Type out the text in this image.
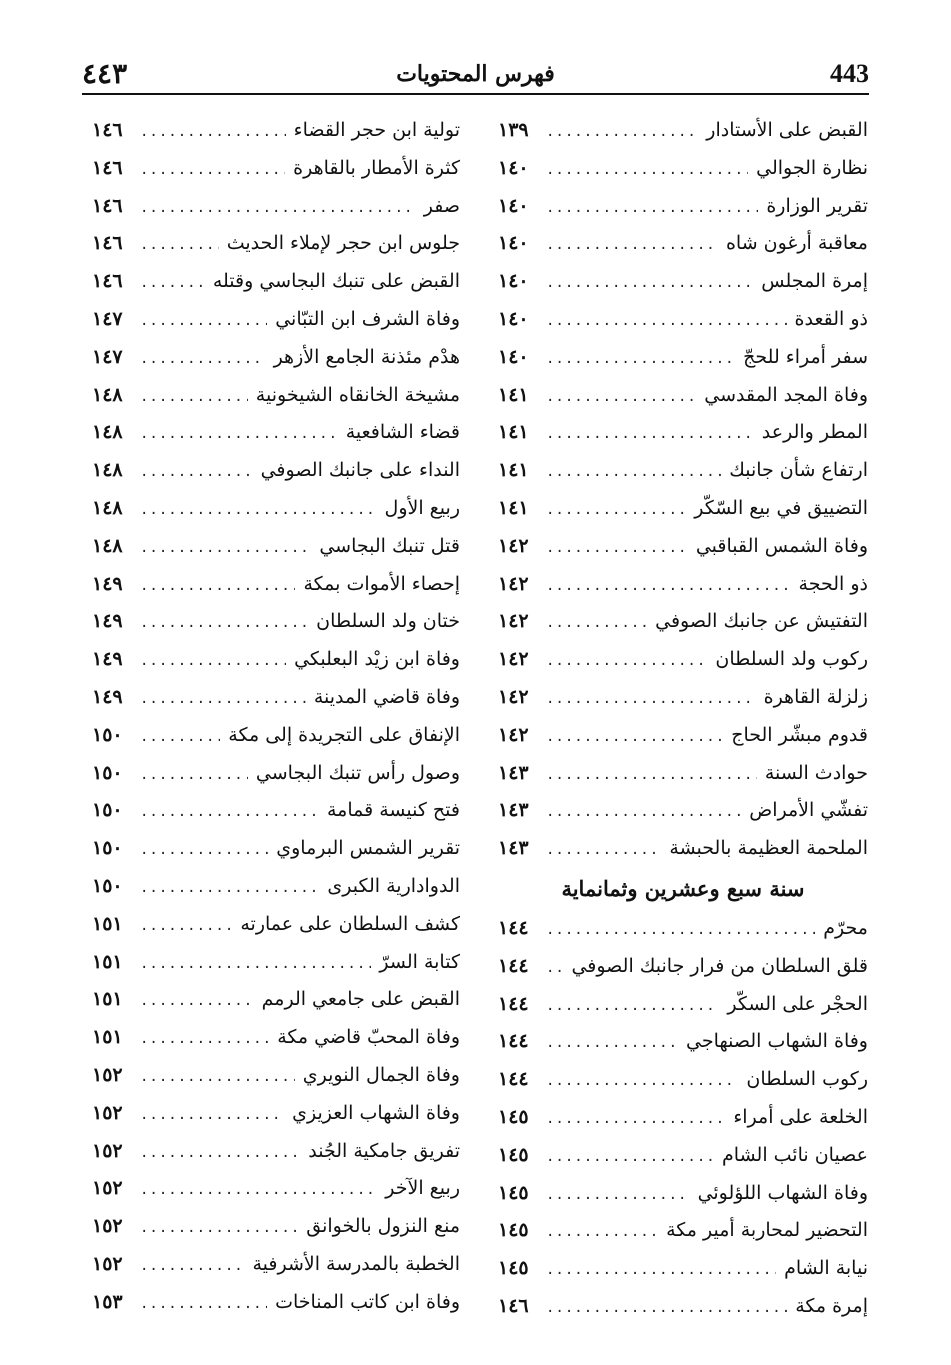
443
فهرس المحتويات
٤٤٣
القبض على الأستادار
.....
١٣٩
نظارة الجوالي
.....
١٤٠
تقرير الوزارة
.....
١٤٠
معاقبة أرغون شاه
.....
١٤٠
إمرة المجلس
.....
١٤٠
ذو القعدة
.....
١٤٠
سفر أمراء للحجّ
.....
١٤٠
وفاة المجد المقدسي
.....
١٤١
المطر والرعد
.....
١٤١
ارتفاع شأن جانبك
.....
١٤١
التضييق في بيع السّكّر
.....
١٤١
وفاة الشمس القباقبي
.....
١٤٢
ذو الحجة
.....
١٤٢
التفتيش عن جانبك الصوفي
.....
١٤٢
ركوب ولد السلطان
.....
١٤٢
زلزلة القاهرة
.....
١٤٢
قدوم مبشّر الحاج
.....
١٤٢
حوادث السنة
.....
١٤٣
تفشّي الأمراض
.....
١٤٣
الملحمة العظيمة بالحبشة
.....
١٤٣
سنة سبع وعشرين وثمانماية
محرّم
.....
١٤٤
قلق السلطان من فرار جانبك الصوفي
.....
١٤٤
الحجْر على السكّر
.....
١٤٤
وفاة الشهاب الصنهاجي
.....
١٤٤
ركوب السلطان
.....
١٤٤
الخلعة على أمراء
.....
١٤٥
عصيان نائب الشام
.....
١٤٥
وفاة الشهاب اللؤلوئي
.....
١٤٥
التحضير لمحاربة أمير مكة
.....
١٤٥
نيابة الشام
.....
١٤٥
إمرة مكة
.....
١٤٦
تولية ابن حجر القضاء
.....
١٤٦
كثرة الأمطار بالقاهرة
.....
١٤٦
صفر
.....
١٤٦
جلوس ابن حجر لإملاء الحديث
.....
١٤٦
القبض على تنبك البجاسي وقتله
.....
١٤٦
وفاة الشرف ابن التبّاني
.....
١٤٧
هدْم مئذنة الجامع الأزهر
.....
١٤٧
مشيخة الخانقاه الشيخونية
.....
١٤٨
قضاء الشافعية
.....
١٤٨
النداء على جانبك الصوفي
.....
١٤٨
ربيع الأول
.....
١٤٨
قتل تنبك البجاسي
.....
١٤٨
إحصاء الأموات بمكة
.....
١٤٩
ختان ولد السلطان
.....
١٤٩
وفاة ابن زيْد البعلبكي
.....
١٤٩
وفاة قاضي المدينة
.....
١٤٩
الإنفاق على التجريدة إلى مكة
.....
١٥٠
وصول رأس تنبك البجاسي
.....
١٥٠
فتح كنيسة قمامة
.....
١٥٠
تقرير الشمس البرماوي
.....
١٥٠
الدوادارية الكبرى
.....
١٥٠
كشف السلطان على عمارته
.....
١٥١
كتابة السرّ
.....
١٥١
القبض على جامعي الرمم
.....
١٥١
وفاة المحبّ قاضي مكة
.....
١٥١
وفاة الجمال النويري
.....
١٥٢
وفاة الشهاب العزيزي
.....
١٥٢
تفريق جامكية الجُند
.....
١٥٢
ربيع الآخر
.....
١٥٢
منع النزول بالخوانق
.....
١٥٢
الخطبة بالمدرسة الأشرفية
.....
١٥٢
وفاة ابن كاتب المناخات
.....
١٥٣
